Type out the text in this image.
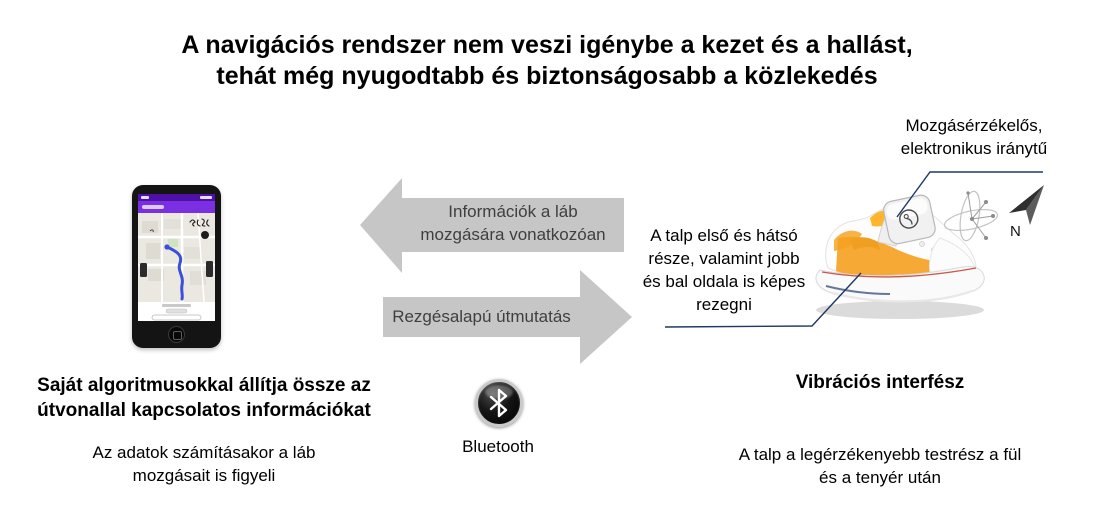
A navigációs rendszer nem veszi igénybe a kezet és a hallást,
tehát még nyugodtabb és biztonságosabb a közlekedés
Információk a láb
mozgására vonatkozóan
Rezgésalapú útmutatás
Bluetooth
Saját algoritmusokkal állítja össze az
útvonallal kapcsolatos információkat
Az adatok számításakor a láb
mozgásait is figyeli
Mozgásérzékelős,
elektronikus iránytű
A talp első és hátsó
része, valamint jobb
és bal oldala is képes
rezegni
Vibrációs interfész
A talp a legérzékenyebb testrész a fül
és a tenyér után
N
